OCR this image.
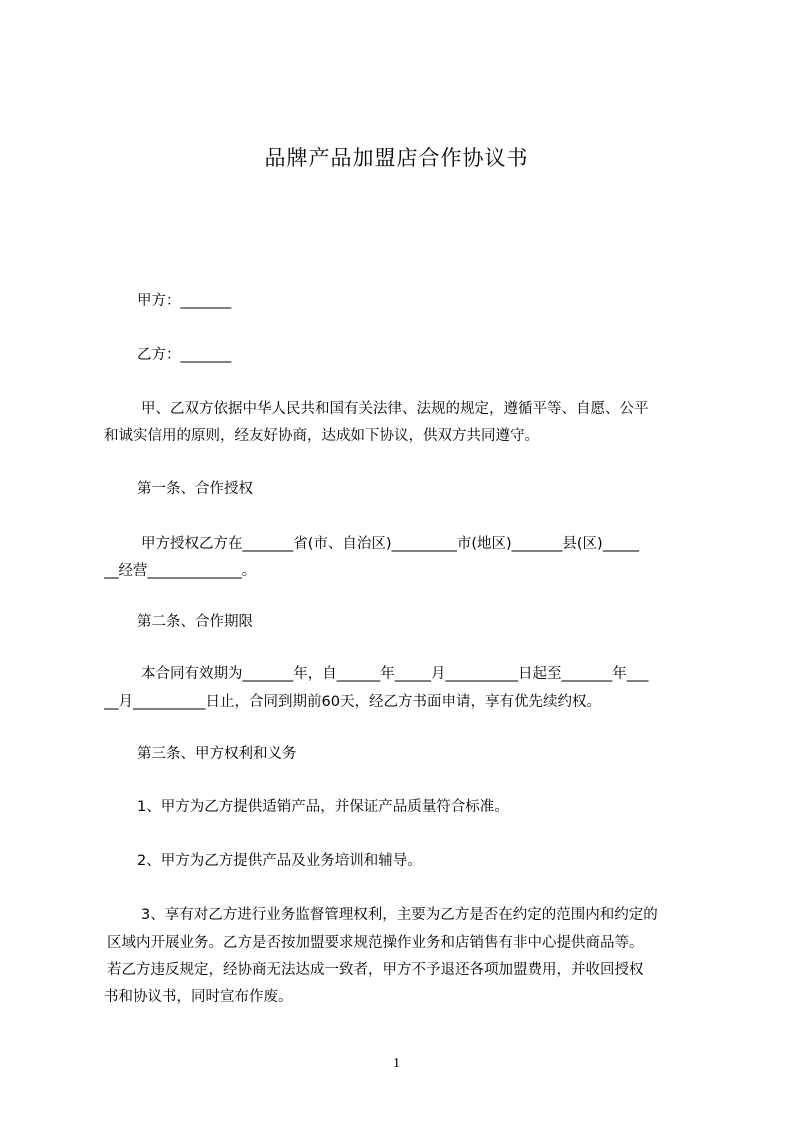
品牌产品加盟店合作协议书
甲方：_______
乙方：_______
甲、乙双方依据中华人民共和国有关法律、法规的规定，遵循平等、自愿、公平
和诚实信用的原则，经友好协商，达成如下协议，供双方共同遵守。
第一条、合作授权
甲方授权乙方在_______省(市、自治区)_________市(地区)_______县(区)_____
__经营_____________。
第二条、合作期限
本合同有效期为_______年，自______年_____月__________日起至_______年___
__月__________日止，合同到期前60天，经乙方书面申请，享有优先续约权。
第三条、甲方权利和义务
1、甲方为乙方提供适销产品，并保证产品质量符合标准。
2、甲方为乙方提供产品及业务培训和辅导。
3、享有对乙方进行业务监督管理权利，主要为乙方是否在约定的范围内和约定的
区域内开展业务。乙方是否按加盟要求规范操作业务和店销售有非中心提供商品等。
若乙方违反规定，经协商无法达成一致者，甲方不予退还各项加盟费用，并收回授权
书和协议书，同时宣布作废。
1
